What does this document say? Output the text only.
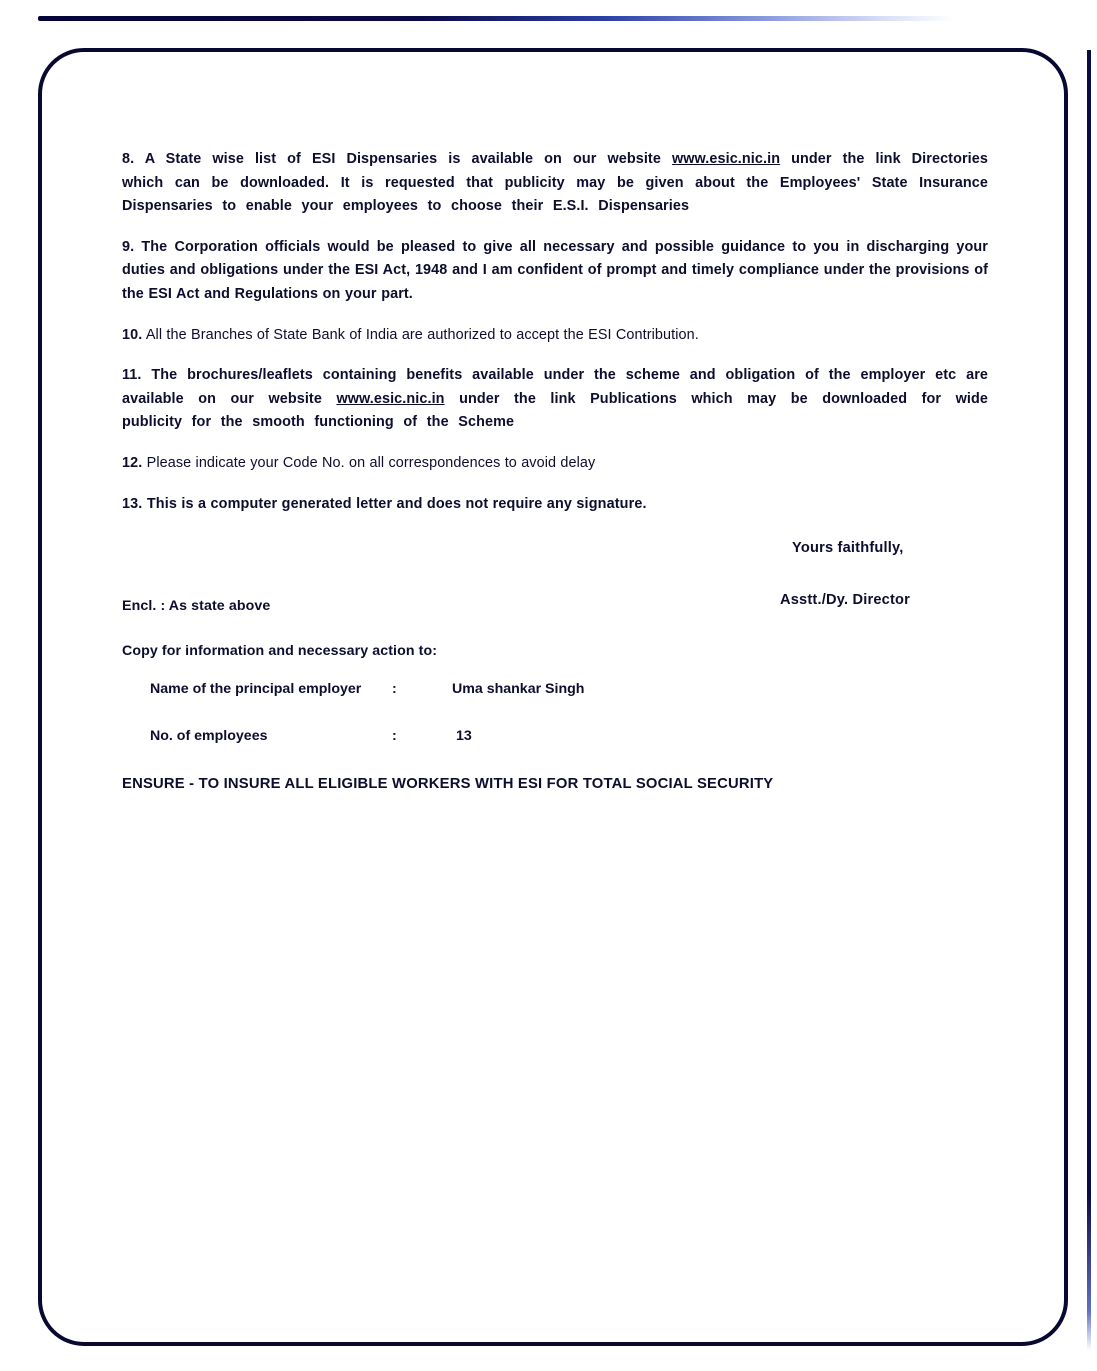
8. A State wise list of ESI Dispensaries is available on our website www.esic.nic.in under the link Directories which can be downloaded. It is requested that publicity may be given about the Employees' State Insurance Dispensaries to enable your employees to choose their E.S.I. Dispensaries

9. The Corporation officials would be pleased to give all necessary and possible guidance to you in discharging your duties and obligations under the ESI Act, 1948 and I am confident of prompt and timely compliance under the provisions of the ESI Act and Regulations on your part.

10. All the Branches of State Bank of India are authorized to accept the ESI Contribution.

11. The brochures/leaflets containing benefits available under the scheme and obligation of the employer etc are available on our website www.esic.nic.in under the link Publications which may be downloaded for wide publicity for the smooth functioning of the Scheme

12. Please indicate your Code No. on all correspondences to avoid delay

13. This is a computer generated letter and does not require any signature.

Yours faithfully,

Asstt./Dy. Director

Encl. : As state above

Copy for information and necessary action to:

Name of the principal employer	:	Uma shankar Singh
No. of employees	:	13
ENSURE - TO INSURE ALL ELIGIBLE WORKERS WITH ESI FOR TOTAL SOCIAL SECURITY
